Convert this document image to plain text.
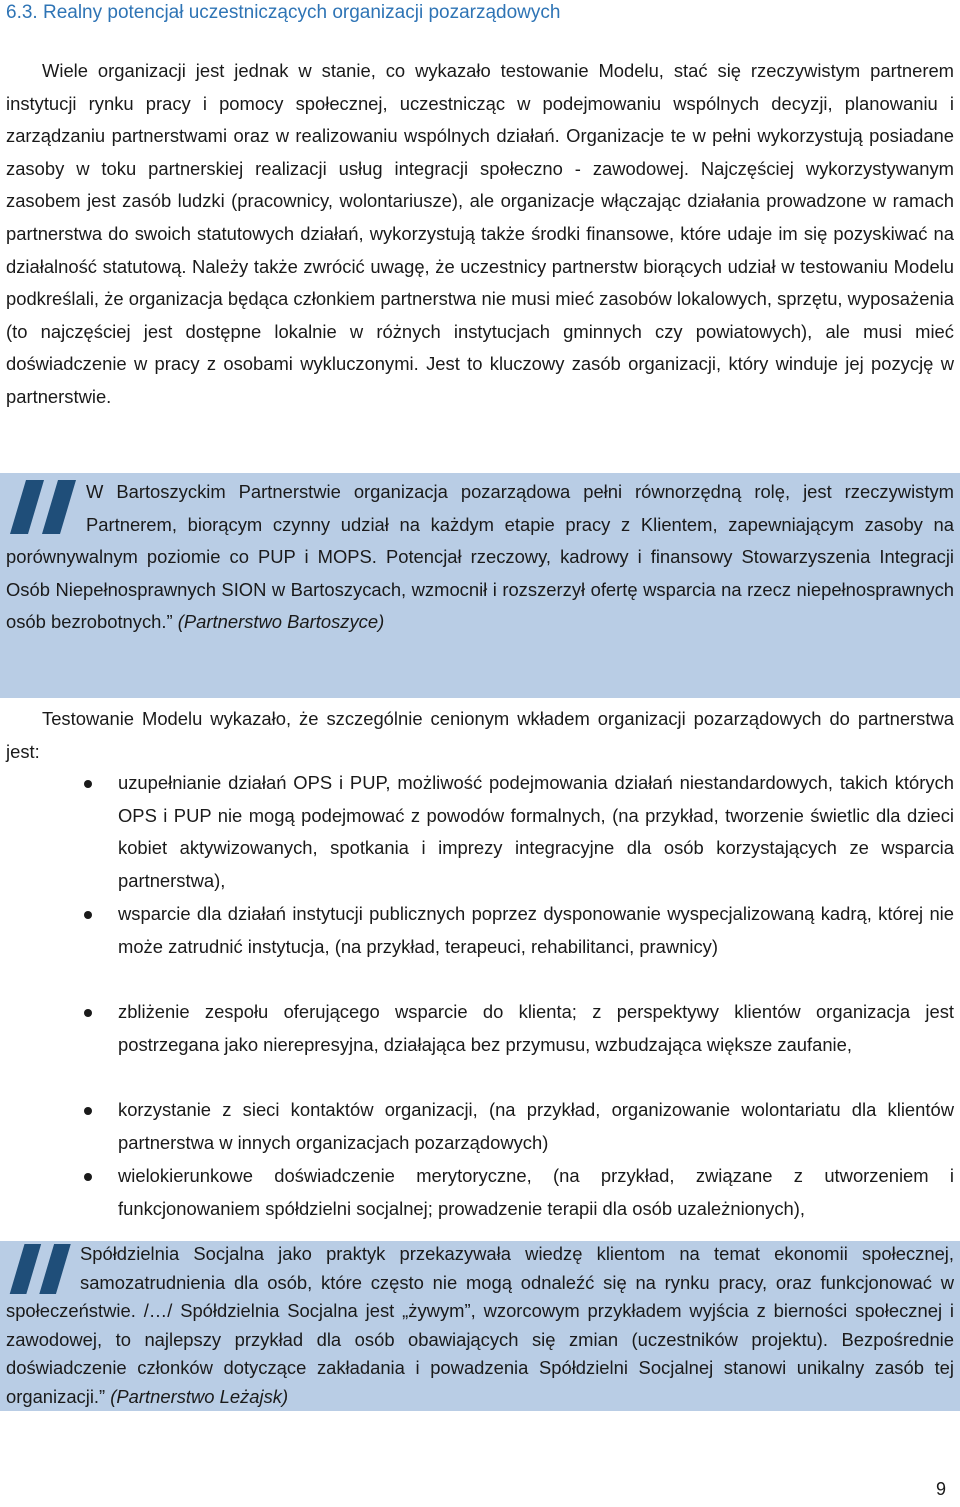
6.3. Realny potencjał uczestniczących organizacji pozarządowych

Wiele organizacji jest jednak w stanie, co wykazało testowanie Modelu, stać się rzeczywistym partnerem instytucji rynku pracy i pomocy społecznej, uczestnicząc w podejmowaniu wspólnych decyzji, planowaniu i zarządzaniu partnerstwami oraz w realizowaniu wspólnych działań. Organizacje te w pełni wykorzystują posiadane zasoby w toku partnerskiej realizacji usług integracji społeczno - zawodowej. Najczęściej wykorzystywanym zasobem jest zasób ludzki (pracownicy, wolontariusze), ale organizacje włączając działania prowadzone w ramach partnerstwa do swoich statutowych działań, wykorzystują także środki finansowe, które udaje im się pozyskiwać na działalność statutową. Należy także zwrócić uwagę, że uczestnicy partnerstw biorących udział w testowaniu Modelu podkreślali, że organizacja będąca członkiem partnerstwa nie musi mieć zasobów lokalowych, sprzętu, wyposażenia (to najczęściej jest dostępne lokalnie w różnych instytucjach gminnych czy powiatowych), ale musi mieć doświadczenie w pracy z osobami wykluczonymi. Jest to kluczowy zasób organizacji, który winduje jej pozycję w partnerstwie.

W Bartoszyckim Partnerstwie organizacja pozarządowa pełni równorzędną rolę, jest rzeczywistym Partnerem, biorącym czynny udział na każdym etapie pracy z Klientem, zapewniającym zasoby na porównywalnym poziomie co PUP i MOPS. Potencjał rzeczowy, kadrowy i finansowy Stowarzyszenia Integracji Osób Niepełnosprawnych SION w Bartoszycach, wzmocnił i rozszerzył ofertę wsparcia na rzecz niepełnosprawnych osób bezrobotnych.” (Partnerstwo Bartoszyce)

Testowanie Modelu wykazało, że szczególnie cenionym wkładem organizacji pozarządowych do partnerstwa jest:

uzupełnianie działań OPS i PUP, możliwość podejmowania działań niestandardowych, takich których OPS i PUP nie mogą podejmować z powodów formalnych, (na przykład, tworzenie świetlic dla dzieci kobiet aktywizowanych, spotkania i imprezy integracyjne dla osób korzystających ze wsparcia partnerstwa),
wsparcie dla działań instytucji publicznych poprzez dysponowanie wyspecjalizowaną kadrą, której nie może zatrudnić instytucja, (na przykład, terapeuci, rehabilitanci, prawnicy)
zbliżenie zespołu oferującego wsparcie do klienta; z perspektywy klientów organizacja jest postrzegana jako nierepresyjna, działająca bez przymusu, wzbudzająca większe zaufanie,
korzystanie z sieci kontaktów organizacji, (na przykład, organizowanie wolontariatu dla klientów partnerstwa w innych organizacjach pozarządowych)
wielokierunkowe doświadczenie merytoryczne, (na przykład, związane z utworzeniem i funkcjonowaniem spółdzielni socjalnej; prowadzenie terapii dla osób uzależnionych),

Spółdzielnia Socjalna jako praktyk przekazywała wiedzę klientom na temat ekonomii społecznej, samozatrudnienia dla osób, które często nie mogą odnaleźć się na rynku pracy, oraz funkcjonować w społeczeństwie. /…/ Spółdzielnia Socjalna jest „żywym”, wzorcowym przykładem wyjścia z bierności społecznej i zawodowej, to najlepszy przykład dla osób obawiających się zmian (uczestników projektu). Bezpośrednie doświadczenie członków dotyczące zakładania i powadzenia Spółdzielni Socjalnej stanowi unikalny zasób tej organizacji.” (Partnerstwo Leżajsk)

9
